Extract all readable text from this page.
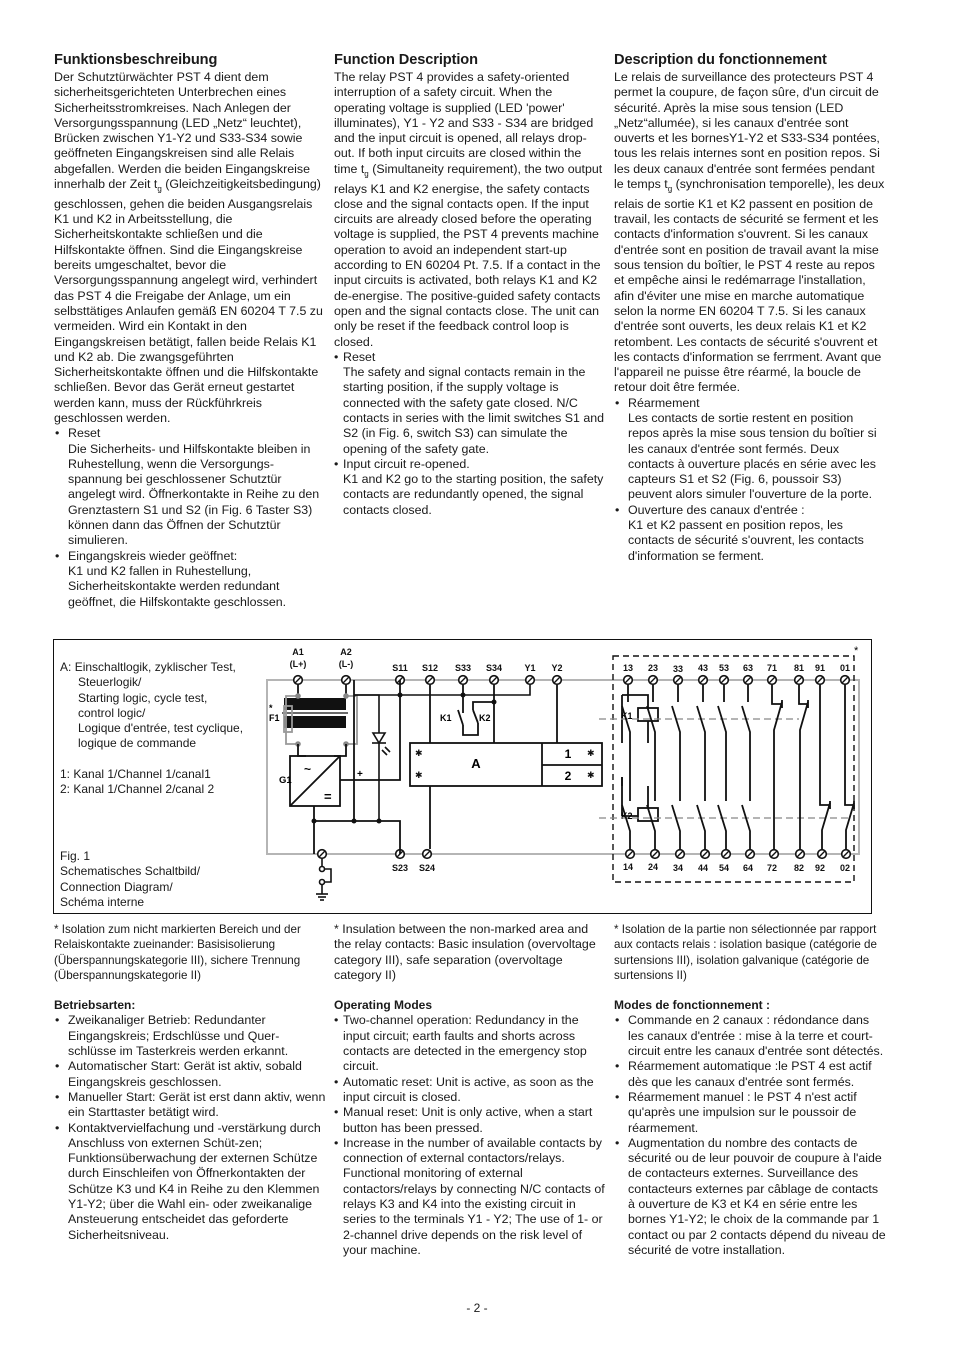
Funktionsbeschreibung

Der Schutztürwächter PST 4 dient dem sicherheitsgerichteten Unterbrechen eines Sicherheitsstromkreises. Nach Anlegen der Versorgungsspannung (LED „Netz“ leuchtet), Brücken zwischen Y1-Y2 und S33-S34 sowie geöffneten Eingangskreisen sind alle Relais abgefallen. Werden die beiden Eingangskreise innerhalb der Zeit $t_g$ (Gleichzeitigkeitsbedingung) geschlossen, gehen die beiden Ausgangsrelais K1 und K2 in Arbeitsstellung, die Sicherheitskontakte schließen und die Hilfskontakte öffnen. Sind die Eingangskreise bereits umgeschaltet, bevor die Versorgungsspannung angelegt wird, verhindert das PST 4 die Freigabe der Anlage, um ein selbsttätiges Anlaufen gemäß EN 60204 T 7.5 zu vermeiden. Wird ein Kontakt in den Eingangskreisen betätigt, fallen beide Relais K1 und K2 ab. Die zwangsgeführten Sicherheitskontakte öffnen und die Hilfskontakte schließen. Bevor das Gerät erneut gestartet werden kann, muss der Rückführkreis geschlossen werden.

• Reset
Die Sicherheits- und Hilfskontakte bleiben in Ruhestellung, wenn die Versorgungs-spannung bei geschlossener Schutztür angelegt wird. Öffnerkontakte in Reihe zu den Grenztastern S1 und S2 (in Fig. 6 Taster S3) können dann das Öffnen der Schutztür simulieren.
• Eingangskreis wieder geöffnet:
K1 und K2 fallen in Ruhestellung, Sicherheitskontakte werden redundant geöffnet, die Hilfskontakte geschlossen.
Function Description

The relay PST 4 provides a safety-oriented interruption of a safety circuit. When the operating voltage is supplied (LED 'power' illuminates), Y1 - Y2 and S33 - S34 are bridged and the input circuit is opened, all relays drop-out. If both input circuits are closed within the time $t_g$ (Simultaneity requirement), the two output relays K1 and K2 energise, the safety contacts close and the signal contacts open. If the input circuits are already closed before the operating voltage is supplied, the PST 4 prevents machine operation to avoid an independent start-up according to EN 60204 Pt. 7.5. If a contact in the input circuits is activated, both relays K1 and K2 de-energise. The positive-guided safety contacts open and the signal contacts close. The unit can only be reset if the feedback control loop is closed.

• Reset
The safety and signal contacts remain in the starting position, if the supply voltage is connected with the safety gate closed. N/C contacts in series with the limit switches S1 and S2 (in Fig. 6, switch S3) can simulate the opening of the safety gate.
• Input circuit re-opened.
K1 and K2 go to the starting position, the safety contacts are redundantly opened, the signal contacts closed.
Description du fonctionnement

Le relais de surveillance des protecteurs PST 4 permet la coupure, de façon sûre, d'un circuit de sécurité. Après la mise sous tension (LED „Netz“allumée), si les canaux d'entrée sont ouverts et les bornesY1-Y2 et S33-S34 pontées, tous les relais internes sont en position repos. Si les deux canaux d'entrée sont fermées pendant le temps $t_g$ (synchronisation temporelle), les deux relais de sortie K1 et K2 passent en position de travail, les contacts de sécurité se ferment et les contacts d'information s'ouvrent. Si les canaux d'entrée sont en position de travail avant la mise sous tension du boîtier, le PST 4 reste au repos et empêche ainsi le redémarrage l'installation, afin d'éviter une mise en marche automatique selon la norme EN 60204 T 7.5. Si les canaux d'entrée sont ouverts, les deux relais K1 et K2 retombent. Les contacts de sécurité s'ouvrent et les contacts d'information se ferrment. Avant que l'appareil ne puisse être réarmé, la boucle de retour doit être fermée.

• Réarmement
Les contacts de sortie restent en position repos après la mise sous tension du boîtier si les canaux d'entrée sont fermés. Deux contacts à ouverture placés en série avec les capteurs S1 et S2 (Fig. 6, poussoir S3) peuvent alors simuler l'ouverture de la porte.
• Ouverture des canaux d'entrée :
K1 et K2 passent en position repos, les contacts de sécurité s'ouvrent, les contacts d'information se ferment.
A: Einschaltlogik, zyklischer Test,
Steuerlogik/
Starting logic, cycle test,
control logic/
Logique d'entrée, test cyclique,
logique de commande
1: Kanal 1/Channel 1/canal1
2: Kanal 1/Channel 2/canal 2
Fig. 1
Schematisches Schaltbild/
Connection Diagram/
Schéma interne
*
A1
(L+)
A2
(L-)	S11 S12 S33 S34 Y1 Y2
S23 S24
*
F1
G1
~
=
+
K1	K2	K1
K2
A
1
2
✱
✱
✱
✱
13 23 33 43 53 63 71 81 91 01
14 24 34 44 54 64 72 82 92 02

* Isolation zum nicht markierten Bereich und der Relaiskontakte zueinander: Basisisolierung (Überspannungskategorie III), sichere Trennung (Überspannungskategorie II)

Betriebsarten:
• Zweikanaliger Betrieb: Redundanter Eingangskreis; Erdschlüsse und Quer-schlüsse im Tasterkreis werden erkannt.
• Automatischer Start: Gerät ist aktiv, sobald Eingangskreis geschlossen.
• Manueller Start: Gerät ist erst dann aktiv, wenn ein Starttaster betätigt wird.
• Kontaktvervielfachung und -verstärkung durch Anschluss von externen Schüt-zen; Funktionsüberwachung der externen Schütze durch Einschleifen von Öffnerkontakten der Schütze K3 und K4 in Reihe zu den Klemmen Y1-Y2; über die Wahl ein- oder zweikanalige Ansteuerung entscheidet das geforderte Sicherheitsniveau.

* Insulation between the non-marked area and the relay contacts: Basic insulation (overvoltage category III), safe separation (overvoltage category II)

Operating Modes
• Two-channel operation: Redundancy in the input circuit; earth faults and shorts across contacts are detected in the emergency stop circuit.
• Automatic reset: Unit is active, as soon as the input circuit is closed.
• Manual reset: Unit is only active, when a start button has been pressed.
• Increase in the number of available contacts by connection of external contactors/relays. Functional monitoring of external contactors/relays by connecting N/C contacts of relays K3 and K4 into the existing circuit in series to the terminals Y1 - Y2; The use of 1- or 2-channel drive depends on the risk level of your machine.

* Isolation de la partie non sélectionnée par rapport aux contacts relais : isolation basique (catégorie de surtensions III), isolation galvanique (catégorie de surtensions II)

Modes de fonctionnement :
• Commande en 2 canaux : rédondance dans les canaux d'entrée : mise à la terre et court-circuit entre les canaux d'entrée sont détectés.
• Réarmement automatique :le PST 4 est actif dès que les canaux d'entrée sont fermés.
• Réarmement manuel : le PST 4 n'est actif qu'après une impulsion sur le poussoir de réarmement.
• Augmentation du nombre des contacts de sécurité ou de leur pouvoir de coupure à l'aide de contacteurs externes. Surveillance des contacteurs externes par câblage de contacts à ouverture de K3 et K4 en série entre les bornes Y1-Y2; le choix de la commande par 1 contact ou par 2 contacts dépend du niveau de sécurité de votre installation.
- 2 -
